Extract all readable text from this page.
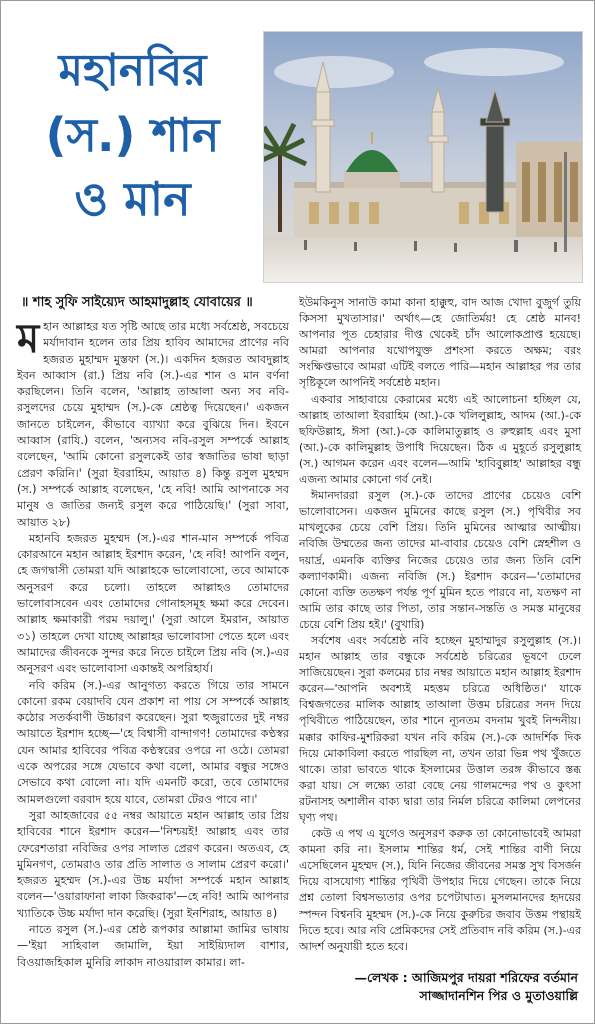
মহানবির
(স.) শান
ও মান
॥ শাহ সুফি সাইয়্যেদ আহমাদুল্লাহ যোবায়ের ॥

মহান আল্লাহর যত সৃষ্টি আছে তার মধ্যে সর্বশ্রেষ্ঠ, সবচেয়ে মর্যাদাবান হলেন তার প্রিয় হাবিব আমাদের প্রাণের নবি হজরত মুহাম্মদ মুস্তফা (স.)। একদিন হজরত আবদুল্লাহ ইবন আব্বাস (রা.) প্রিয় নবি (স.)-এর শান ও মান বর্ণনা করছিলেন। তিনি বলেন, 'আল্লাহ তাআলা অন্য সব নবি-রসুলদের চেয়ে মুহাম্মদ (স.)-কে শ্রেষ্ঠত্ব দিয়েছেন।' একজন জানতে চাইলেন, কীভাবে ব্যাখ্যা করে বুঝিয়ে দিন। ইবনে আব্বাস (রাযি.) বলেন, 'অন্যসব নবি-রসুল সম্পর্কে আল্লাহ বলেছেন, 'আমি কোনো রসুলকেই তার স্বজাতির ভাষা ছাড়া প্রেরণ করিনি।' (সুরা ইবরাহিম, আয়াত ৪) কিন্তু রসুল মুহম্মদ (স.) সম্পর্কে আল্লাহ বলেছেন, 'হে নবি! আমি আপনাকে সব মানুষ ও জাতির জন্যই রসুল করে পাঠিয়েছি।' (সুরা সাবা, আয়াত ২৮)

মহানবি হজরত মুহম্মদ (স.)-এর শান-মান সম্পর্কে পবিত্র কোরআনে মহান আল্লাহ ইরশাদ করেন, 'হে নবি! আপনি বলুন, হে জগদ্বাসী তোমরা যদি আল্লাহকে ভালোবাসো, তবে আমাকে অনুসরণ করে চলো। তাহলে আল্লাহও তোমাদের ভালোবাসবেন এবং তোমাদের গোনাহসমূহ ক্ষমা করে দেবেন। আল্লাহ ক্ষমাকারী পরম দয়ালু।' (সুরা আলে ইমরান, আয়াত ৩১) তাহলে দেখা যাচ্ছে আল্লাহর ভালোবাসা পেতে হলে এবং আমাদের জীবনকে সুন্দর করে নিতে চাইলে প্রিয় নবি (স.)-এর অনুসরণ এবং ভালোবাসা একান্তই অপরিহার্য।

নবি করিম (স.)-এর আনুগত্য করতে গিয়ে তার সামনে কোনো রকম বেয়াদবি যেন প্রকাশ না পায় সে সম্পর্কে আল্লাহ কঠোর সতর্কবাণী উচ্চারণ করেছেন। সুরা হুজুরাতের দুই নম্বর আয়াতে ইরশাদ হচ্ছে—'হে বিশ্বাসী বান্দাগণ! তোমাদের কণ্ঠস্বর যেন আমার হাবিবের পবিত্র কণ্ঠস্বরের ওপরে না ওঠে। তোমরা একে অপরের সঙ্গে যেভাবে কথা বলো, আমার বন্ধুর সঙ্গেও সেভাবে কথা বোলো না। যদি এমনটি করো, তবে তোমাদের আমলগুলো বরবাদ হয়ে যাবে, তোমরা টেরও পাবে না।'

সুরা আহজাবের ৫৫ নম্বর আয়াতে মহান আল্লাহ তার প্রিয় হাবিবের শানে ইরশাদ করেন—'নিশ্চয়ই! আল্লাহ এবং তার ফেরেশতারা নবিজির ওপর সালাত প্রেরণ করেন। অতএব, হে মুমিনগণ, তোমরাও তার প্রতি সালাত ও সালাম প্রেরণ করো।' হজরত মুহম্মদ (স.)-এর উচ্চ মর্যাদা সম্পর্কে মহান আল্লাহ বলেন—'ওয়ারাফানা লাকা জিকরাক'—হে নবি! আমি আপনার খ্যাতিকে উচ্চ মর্যাদা দান করেছি। (সুরা ইনশিরাহ, আয়াত ৪)

নাতে রসুল (স.)-এর শ্রেষ্ঠ রূপকার আল্লামা জামির ভাষায়—'ইয়া সাহিবাল জামালি, ইয়া সাইয়্যিদাল বাশার, বিওয়াজহিকাল মুনিরি লাকাদ নাওয়ারাল কামার। লা-

ইউমকিনুস সানাউ কামা কানা হাক্কুহু, বাদ আজ খোদা বুজুর্গ তুয়ি কিসসা মুখতাসার।' অর্থাৎ—হে জোতির্ময়! হে শ্রেষ্ঠ মানব! আপনার পূত চেহারার দীপ্ত থেকেই চাঁদ আলোকপ্রাপ্ত হয়েছে। আমরা আপনার যথোপযুক্ত প্রশংসা করতে অক্ষম; বরং সংক্ষিপ্তভাবে আমরা এটিই বলতে পারি—মহান আল্লাহর পর তার সৃষ্টিকূলে আপনিই সর্বশ্রেষ্ঠ মহান।

একবার সাহাবায়ে কেরামের মধ্যে এই আলোচনা হচ্ছিল যে, আল্লাহ তাআলা ইবরাহিম (আ.)-কে খলিলুল্লাহ, আদম (আ.)-কে ছফিউল্লাহ, ঈসা (আ.)-কে কালিমাতুল্লাহ ও রুহুল্লাহ এবং মুসা (আ.)-কে কালিমুল্লাহ উপাধি দিয়েছেন। ঠিক এ মুহূর্তে রসুলুল্লাহ (স.) আগমন করেন এবং বলেন—আমি 'হাবিবুল্লাহ' আল্লাহর বন্ধু এজন্য আমার কোনো গর্ব নেই।

ঈমানদাররা রসুল (স.)-কে তাদের প্রাণের চেয়েও বেশি ভালোবাসেন। একজন মুমিনের কাছে রসুল (স.) পৃথিবীর সব মাখলুকের চেয়ে বেশি প্রিয়। তিনি মুমিনের আত্মার আত্মীয়। নবিজি উম্মতের জন্য তাদের মা-বাবার চেয়েও বেশি স্নেহশীল ও দয়ার্দ্র, এমনকি ব্যক্তির নিজের চেয়েও তার জন্য তিনি বেশি কল্যাণকামী। এজন্য নবিজি (স.) ইরশাদ করেন—'তোমাদের কোনো ব্যক্তি ততক্ষণ পর্যন্ত পূর্ণ মুমিন হতে পারবে না, যতক্ষণ না আমি তার কাছে তার পিতা, তার সন্তান-সন্ততি ও সমস্ত মানুষের চেয়ে বেশি প্রিয় হই।' (বুখারি)

সর্বশেষ এবং সর্বশ্রেষ্ঠ নবি হচ্ছেন মুহাম্মাদুর রসুলুল্লাহ (স.)। মহান আল্লাহ তার বন্ধুকে সর্বশ্রেষ্ঠ চরিত্রের ভূষণে ঢেলে সাজিয়েছেন। সুরা কলমের চার নম্বর আয়াতে মহান আল্লাহ ইরশাদ করেন—'আপনি অবশ্যই মহত্তম চরিত্রে অধিষ্ঠিত।' যাকে বিশ্বজগতের মালিক আল্লাহ তাআলা উত্তম চরিত্রের সনদ দিয়ে পৃথিবীতে পাঠিয়েছেন, তার শানে ন্যূনতম বদনাম খুবই নিন্দনীয়। মক্কার কাফির-মুশরিকরা যখন নবি করিম (স.)-কে আদর্শিক দিক দিয়ে মোকাবিলা করতে পারছিল না, তখন তারা ভিন্ন পথ খুঁজতে থাকে। তারা ভাবতে থাকে ইসলামের উত্তাল তরঙ্গ কীভাবে স্তব্ধ করা যায়। সে লক্ষ্যে তারা বেছে নেয় গালমন্দের পথ ও কুৎসা রটনাসহ অশালীন বাক্য দ্বারা তার নির্মল চরিত্রে কালিমা লেপনের ঘৃণ্য পথ।

কেউ এ পথ এ যুগেও অনুসরণ করুক তা কোনোভাবেই আমরা কামনা করি না। ইসলাম শান্তির ধর্ম, সেই শান্তির বাণী নিয়ে এসেছিলেন মুহম্মদ (স.), যিনি নিজের জীবনের সমস্ত সুখ বিসর্জন দিয়ে বাসযোগ্য শান্তির পৃথিবী উপহার দিয়ে গেছেন। তাকে নিয়ে প্রশ্ন তোলা বিশ্বসভ্যতার ওপর চপেটাঘাত। মুসলমানদের হৃদয়ের স্পন্দন বিশ্বনবি মুহম্মদ (স.)-কে নিয়ে কুরুচির জবাব উত্তম পন্থায়ই দিতে হবে। আর নবি প্রেমিকদের সেই প্রতিবাদ নবি করিম (স.)-এর আদর্শ অনুযায়ী হতে হবে।

—লেখক : আজিমপুর দায়রা শরিফের বর্তমান
সাজ্জাদানশিন পির ও মুতাওয়াল্লি
